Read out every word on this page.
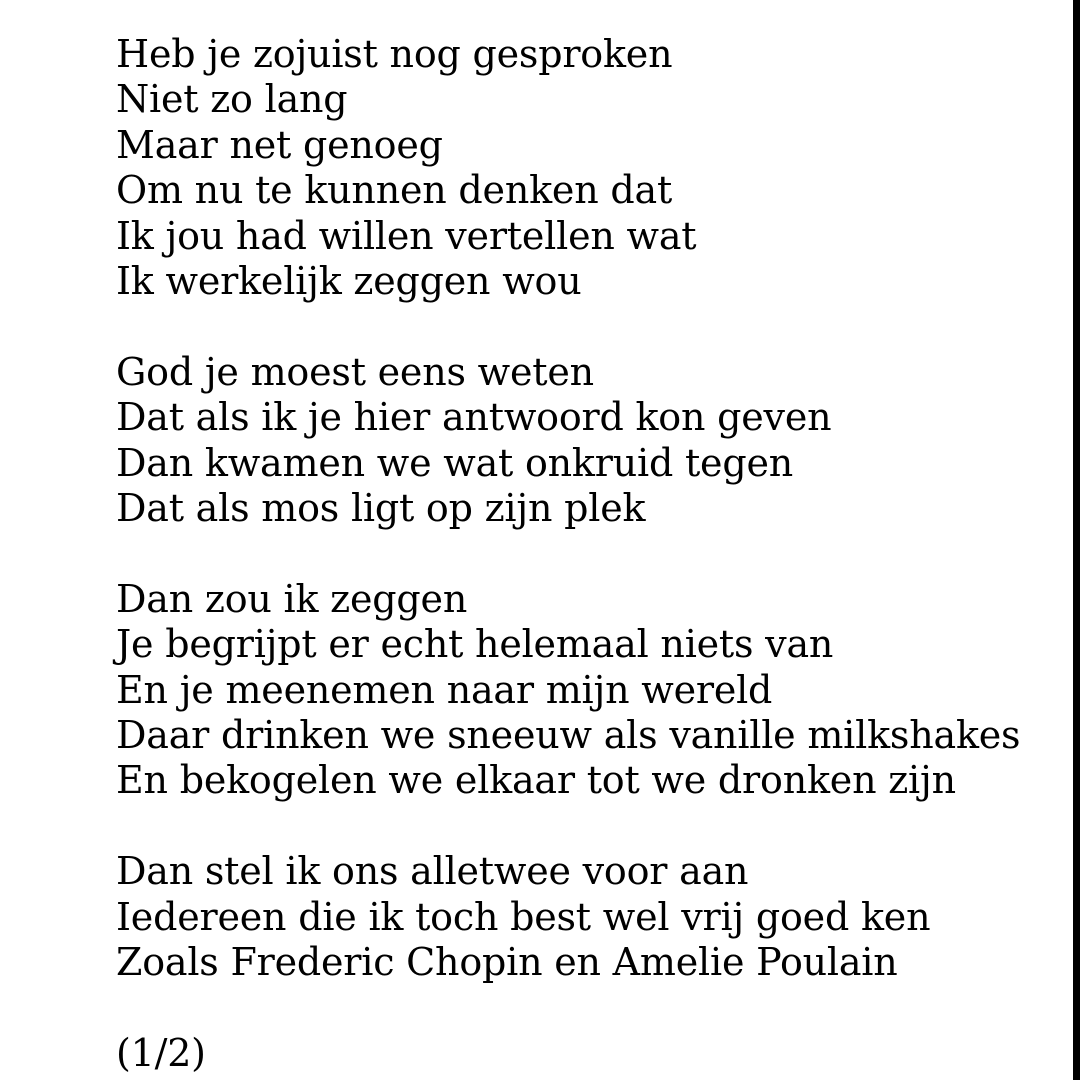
Heb je zojuist nog gesproken
Niet zo lang
Maar net genoeg
Om nu te kunnen denken dat
Ik jou had willen vertellen wat
Ik werkelijk zeggen wou
God je moest eens weten
Dat als ik je hier antwoord kon geven
Dan kwamen we wat onkruid tegen
Dat als mos ligt op zijn plek
Dan zou ik zeggen
Je begrijpt er echt helemaal niets van
En je meenemen naar mijn wereld
Daar drinken we sneeuw als vanille milkshakes
En bekogelen we elkaar tot we dronken zijn
Dan stel ik ons alletwee voor aan
Iedereen die ik toch best wel vrij goed ken
Zoals Frederic Chopin en Amelie Poulain
(1/2)
